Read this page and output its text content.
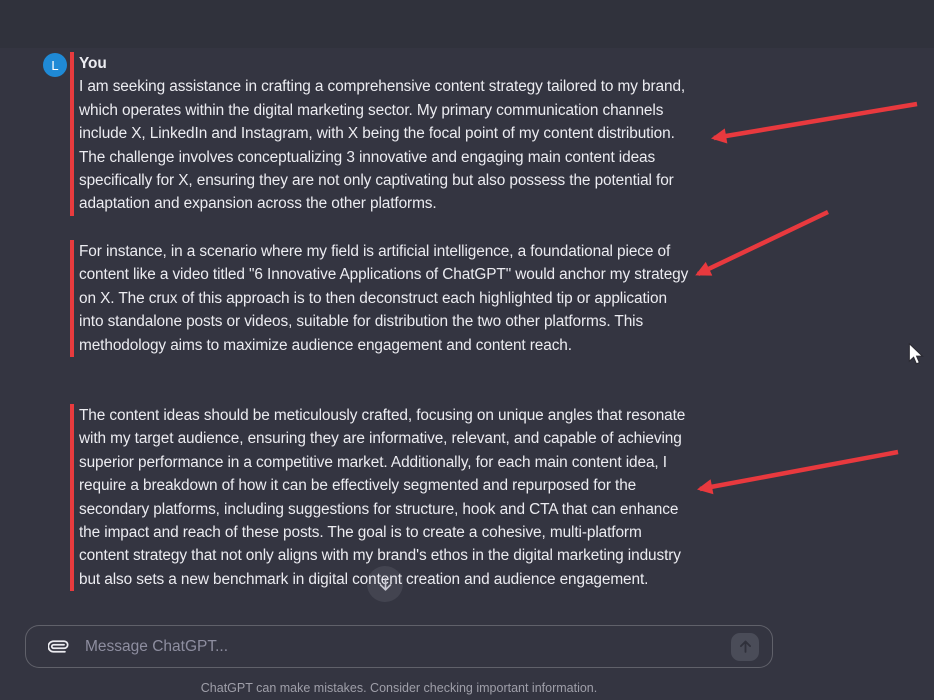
L You

I am seeking assistance in crafting a comprehensive content strategy tailored to my brand, which operates within the digital marketing sector. My primary communication channels include X, LinkedIn and Instagram, with X being the focal point of my content distribution. The challenge involves conceptualizing 3 innovative and engaging main content ideas specifically for X, ensuring they are not only captivating but also possess the potential for adaptation and expansion across the other platforms.

For instance, in a scenario where my field is artificial intelligence, a foundational piece of content like a video titled "6 Innovative Applications of ChatGPT" would anchor my strategy on X. The crux of this approach is to then deconstruct each highlighted tip or application into standalone posts or videos, suitable for distribution the two other platforms. This methodology aims to maximize audience engagement and content reach.

The content ideas should be meticulously crafted, focusing on unique angles that resonate with my target audience, ensuring they are informative, relevant, and capable of achieving superior performance in a competitive market. Additionally, for each main content idea, I require a breakdown of how it can be effectively segmented and repurposed for the secondary platforms, including suggestions for structure, hook and CTA that can enhance the impact and reach of these posts. The goal is to create a cohesive, multi-platform content strategy that not only aligns with my brand's ethos in the digital marketing industry but also sets a new benchmark in digital content creation and audience engagement.

Message ChatGPT...
ChatGPT can make mistakes. Consider checking important information.
